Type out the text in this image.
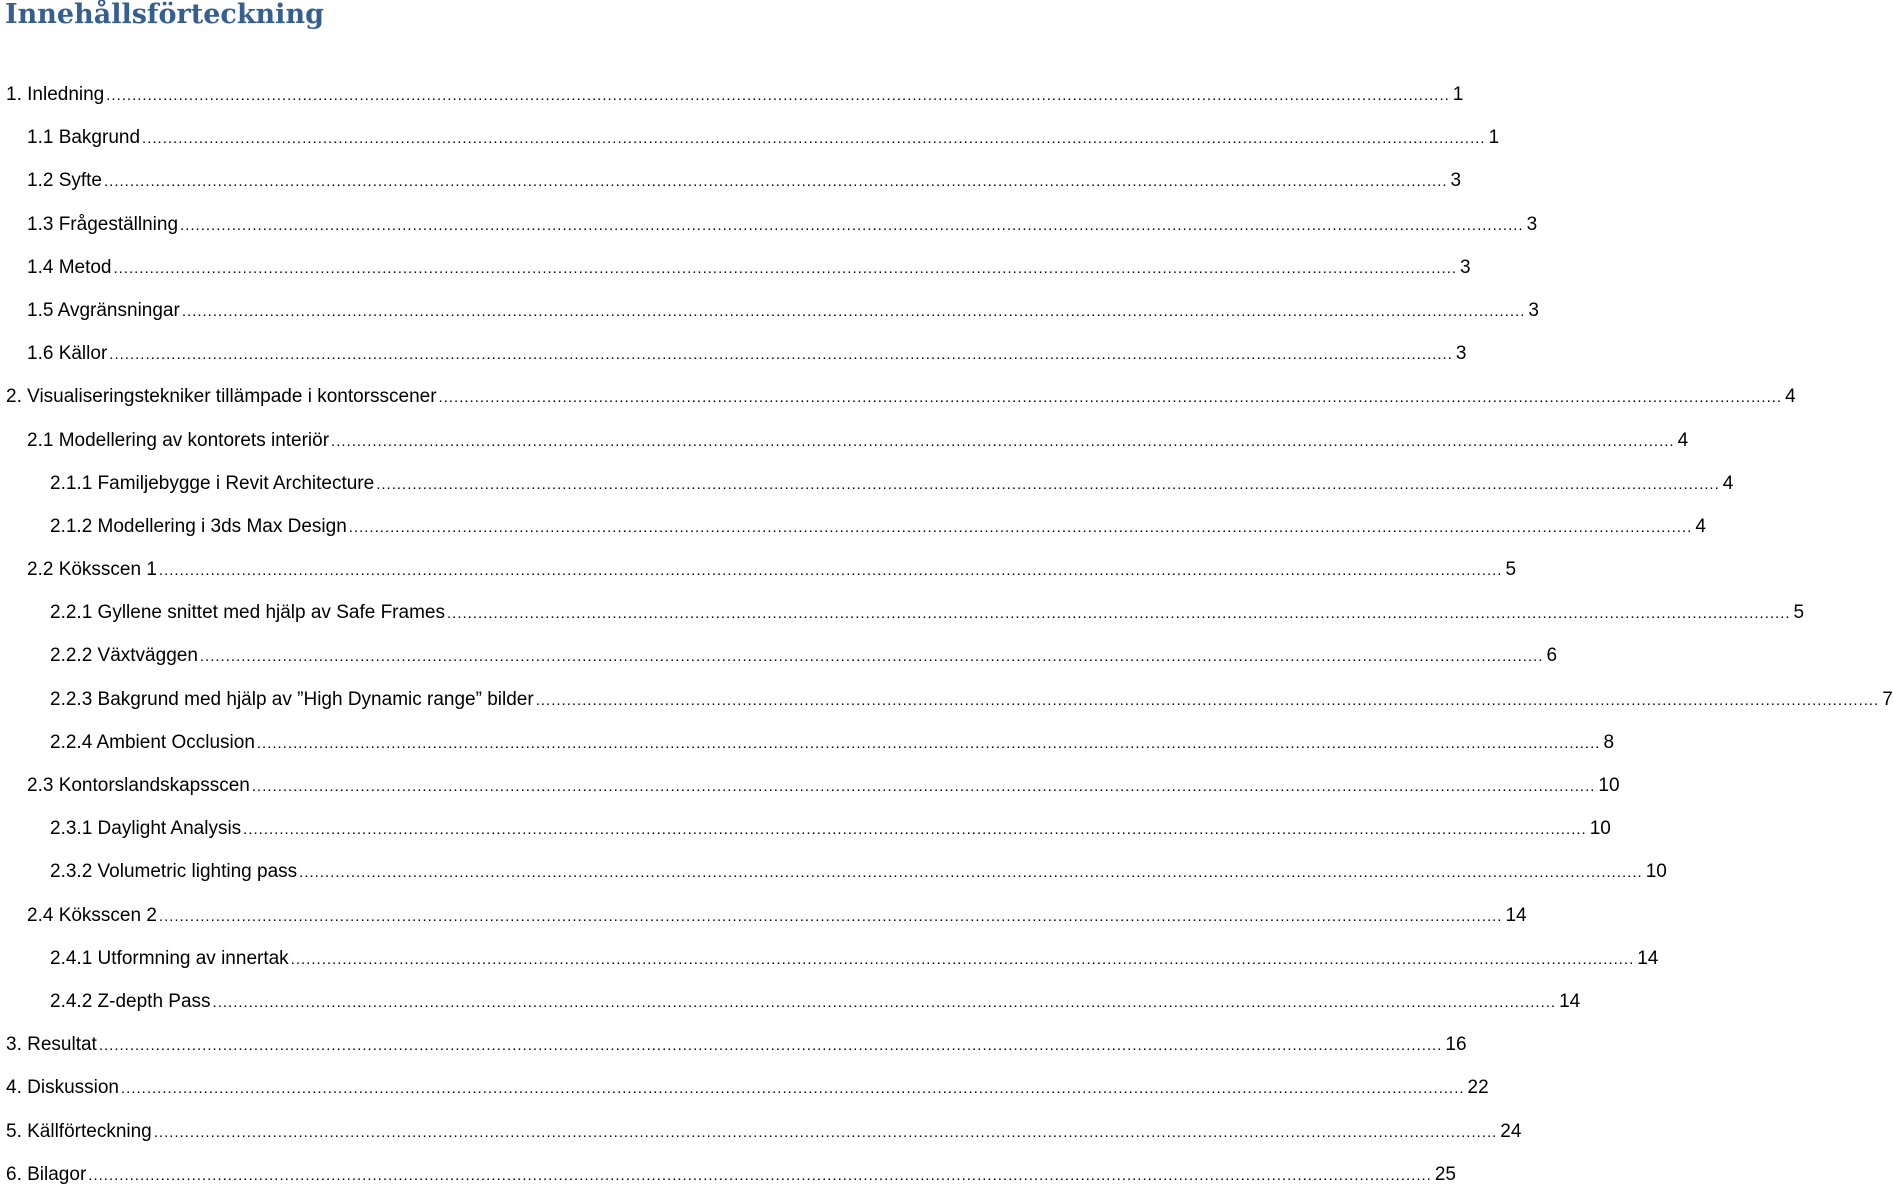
Innehållsförteckning
1. Inledning .................................................................................................................................................................................................................................................................... 1
1.1 Bakgrund .................................................................................................................................................................................................................................................................... 1
1.2 Syfte .................................................................................................................................................................................................................................................................... 3
1.3 Frågeställning .................................................................................................................................................................................................................................................................... 3
1.4 Metod .................................................................................................................................................................................................................................................................... 3
1.5 Avgränsningar .................................................................................................................................................................................................................................................................... 3
1.6 Källor .................................................................................................................................................................................................................................................................... 3
2. Visualiseringstekniker tillämpade i kontorsscener .................................................................................................................................................................................................................................................................... 4
2.1 Modellering av kontorets interiör .................................................................................................................................................................................................................................................................... 4
2.1.1 Familjebygge i Revit Architecture .................................................................................................................................................................................................................................................................... 4
2.1.2 Modellering i 3ds Max Design .................................................................................................................................................................................................................................................................... 4
2.2 Köksscen 1 .................................................................................................................................................................................................................................................................... 5
2.2.1 Gyllene snittet med hjälp av Safe Frames .................................................................................................................................................................................................................................................................... 5
2.2.2 Växtväggen .................................................................................................................................................................................................................................................................... 6
2.2.3 Bakgrund med hjälp av ”High Dynamic range” bilder .................................................................................................................................................................................................................................................................... 7
2.2.4 Ambient Occlusion .................................................................................................................................................................................................................................................................... 8
2.3 Kontorslandskapsscen .................................................................................................................................................................................................................................................................... 10
2.3.1 Daylight Analysis .................................................................................................................................................................................................................................................................... 10
2.3.2 Volumetric lighting pass .................................................................................................................................................................................................................................................................... 10
2.4 Köksscen 2 .................................................................................................................................................................................................................................................................... 14
2.4.1 Utformning av innertak .................................................................................................................................................................................................................................................................... 14
2.4.2 Z-depth Pass .................................................................................................................................................................................................................................................................... 14
3. Resultat .................................................................................................................................................................................................................................................................... 16
4. Diskussion .................................................................................................................................................................................................................................................................... 22
5. Källförteckning .................................................................................................................................................................................................................................................................... 24
6. Bilagor .................................................................................................................................................................................................................................................................... 25
